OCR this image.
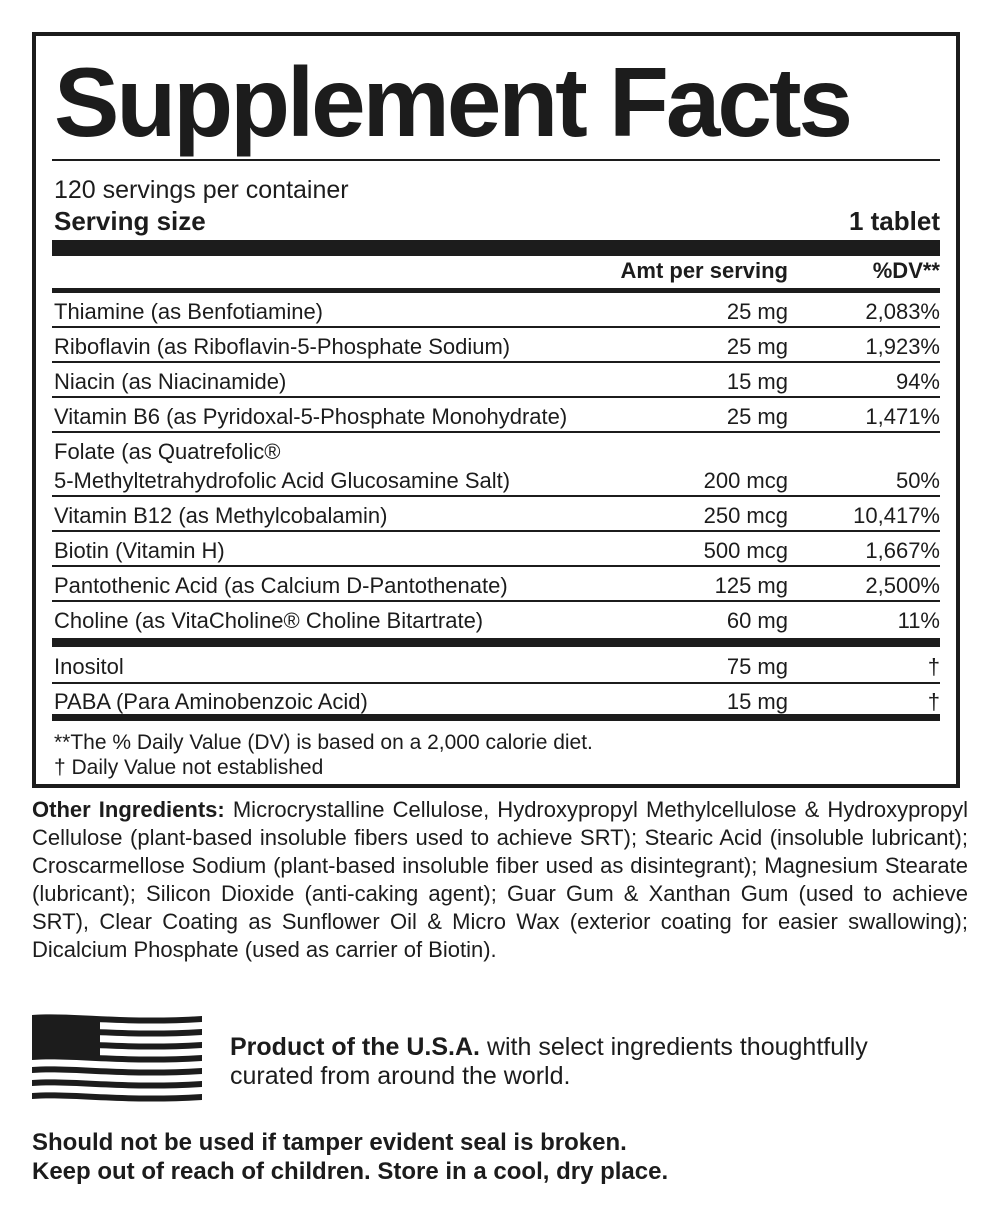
Supplement Facts
120 servings per container
Serving size	1 tablet
Amt per serving	%DV**
Thiamine (as Benfotiamine)	25 mg	2,083%
Riboflavin (as Riboflavin-5-Phosphate Sodium)	25 mg	1,923%
Niacin (as Niacinamide)	15 mg	94%
Vitamin B6 (as Pyridoxal-5-Phosphate Monohydrate)	25 mg	1,471%
Folate (as Quatrefolic®
5-Methyltetrahydrofolic Acid Glucosamine Salt)	200 mcg	50%
Vitamin B12 (as Methylcobalamin)	250 mcg	10,417%
Biotin (Vitamin H)	500 mcg	1,667%
Pantothenic Acid (as Calcium D-Pantothenate)	125 mg	2,500%
Choline (as VitaCholine® Choline Bitartrate)	60 mg	11%
Inositol	75 mg	†
PABA (Para Aminobenzoic Acid)	15 mg	†
**The % Daily Value (DV) is based on a 2,000 calorie diet.
† Daily Value not established

Other Ingredients: Microcrystalline Cellulose, Hydroxypropyl Methylcellulose & Hydroxypropyl Cellulose (plant-based insoluble fibers used to achieve SRT); Stearic Acid (insoluble lubricant); Croscarmellose Sodium (plant-based insoluble fiber used as disintegrant); Magnesium Stearate (lubricant); Silicon Dioxide (anti-caking agent); Guar Gum & Xanthan Gum (used to achieve SRT), Clear Coating as Sunflower Oil & Micro Wax (exterior coating for easier swallowing); Dicalcium Phosphate (used as carrier of Biotin).

Product of the U.S.A. with select ingredients thoughtfully curated from around the world.

Should not be used if tamper evident seal is broken.
Keep out of reach of children. Store in a cool, dry place.
